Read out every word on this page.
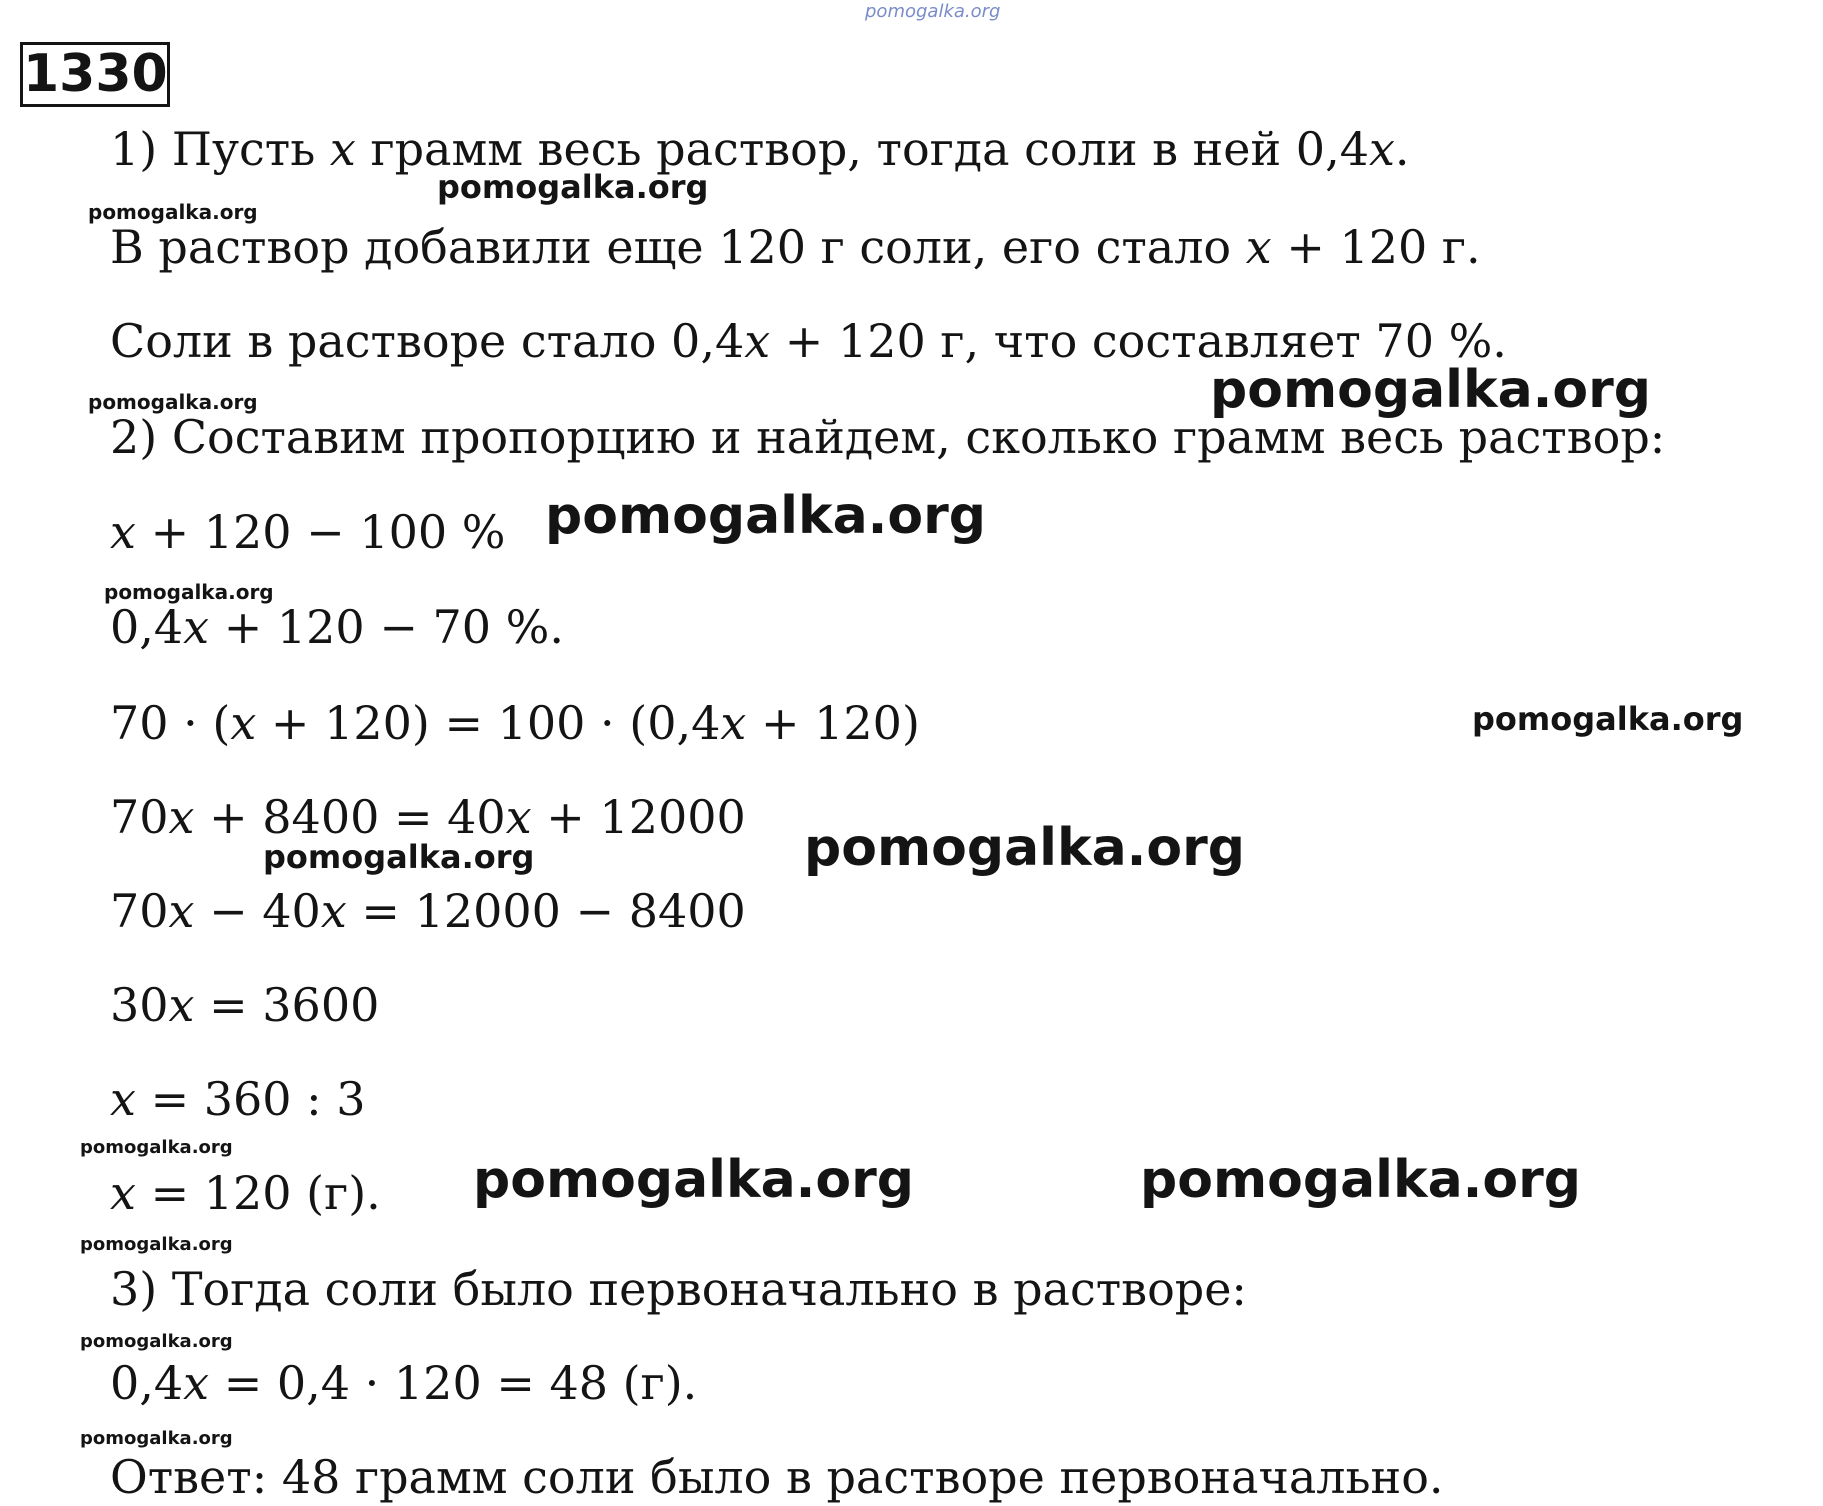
1330
1) Пусть x грамм весь раствор, тогда соли в ней 0,4x.
В раствор добавили еще 120 г соли, его стало x + 120 г.
Соли в растворе стало 0,4x + 120 г, что составляет 70 %.
2) Составим пропорцию и найдем, сколько грамм весь раствор:
x + 120 − 100 %
0,4x + 120 − 70 %.
70 · (x + 120) = 100 · (0,4x + 120)
70x + 8400 = 40x + 12000
70x − 40x = 12000 − 8400
30x = 3600
x = 360 : 3
x = 120 (г).
3) Тогда соли было первоначально в растворе:
0,4x = 0,4 · 120 = 48 (г).
Ответ: 48 грамм соли было в растворе первоначально.
pomogalka.org
pomogalka.org
pomogalka.org
pomogalka.org
pomogalka.org
pomogalka.org
pomogalka.org
pomogalka.org
pomogalka.org	pomogalka.org
pomogalka.org
pomogalka.org	pomogalka.org
pomogalka.org
pomogalka.org
pomogalka.org
